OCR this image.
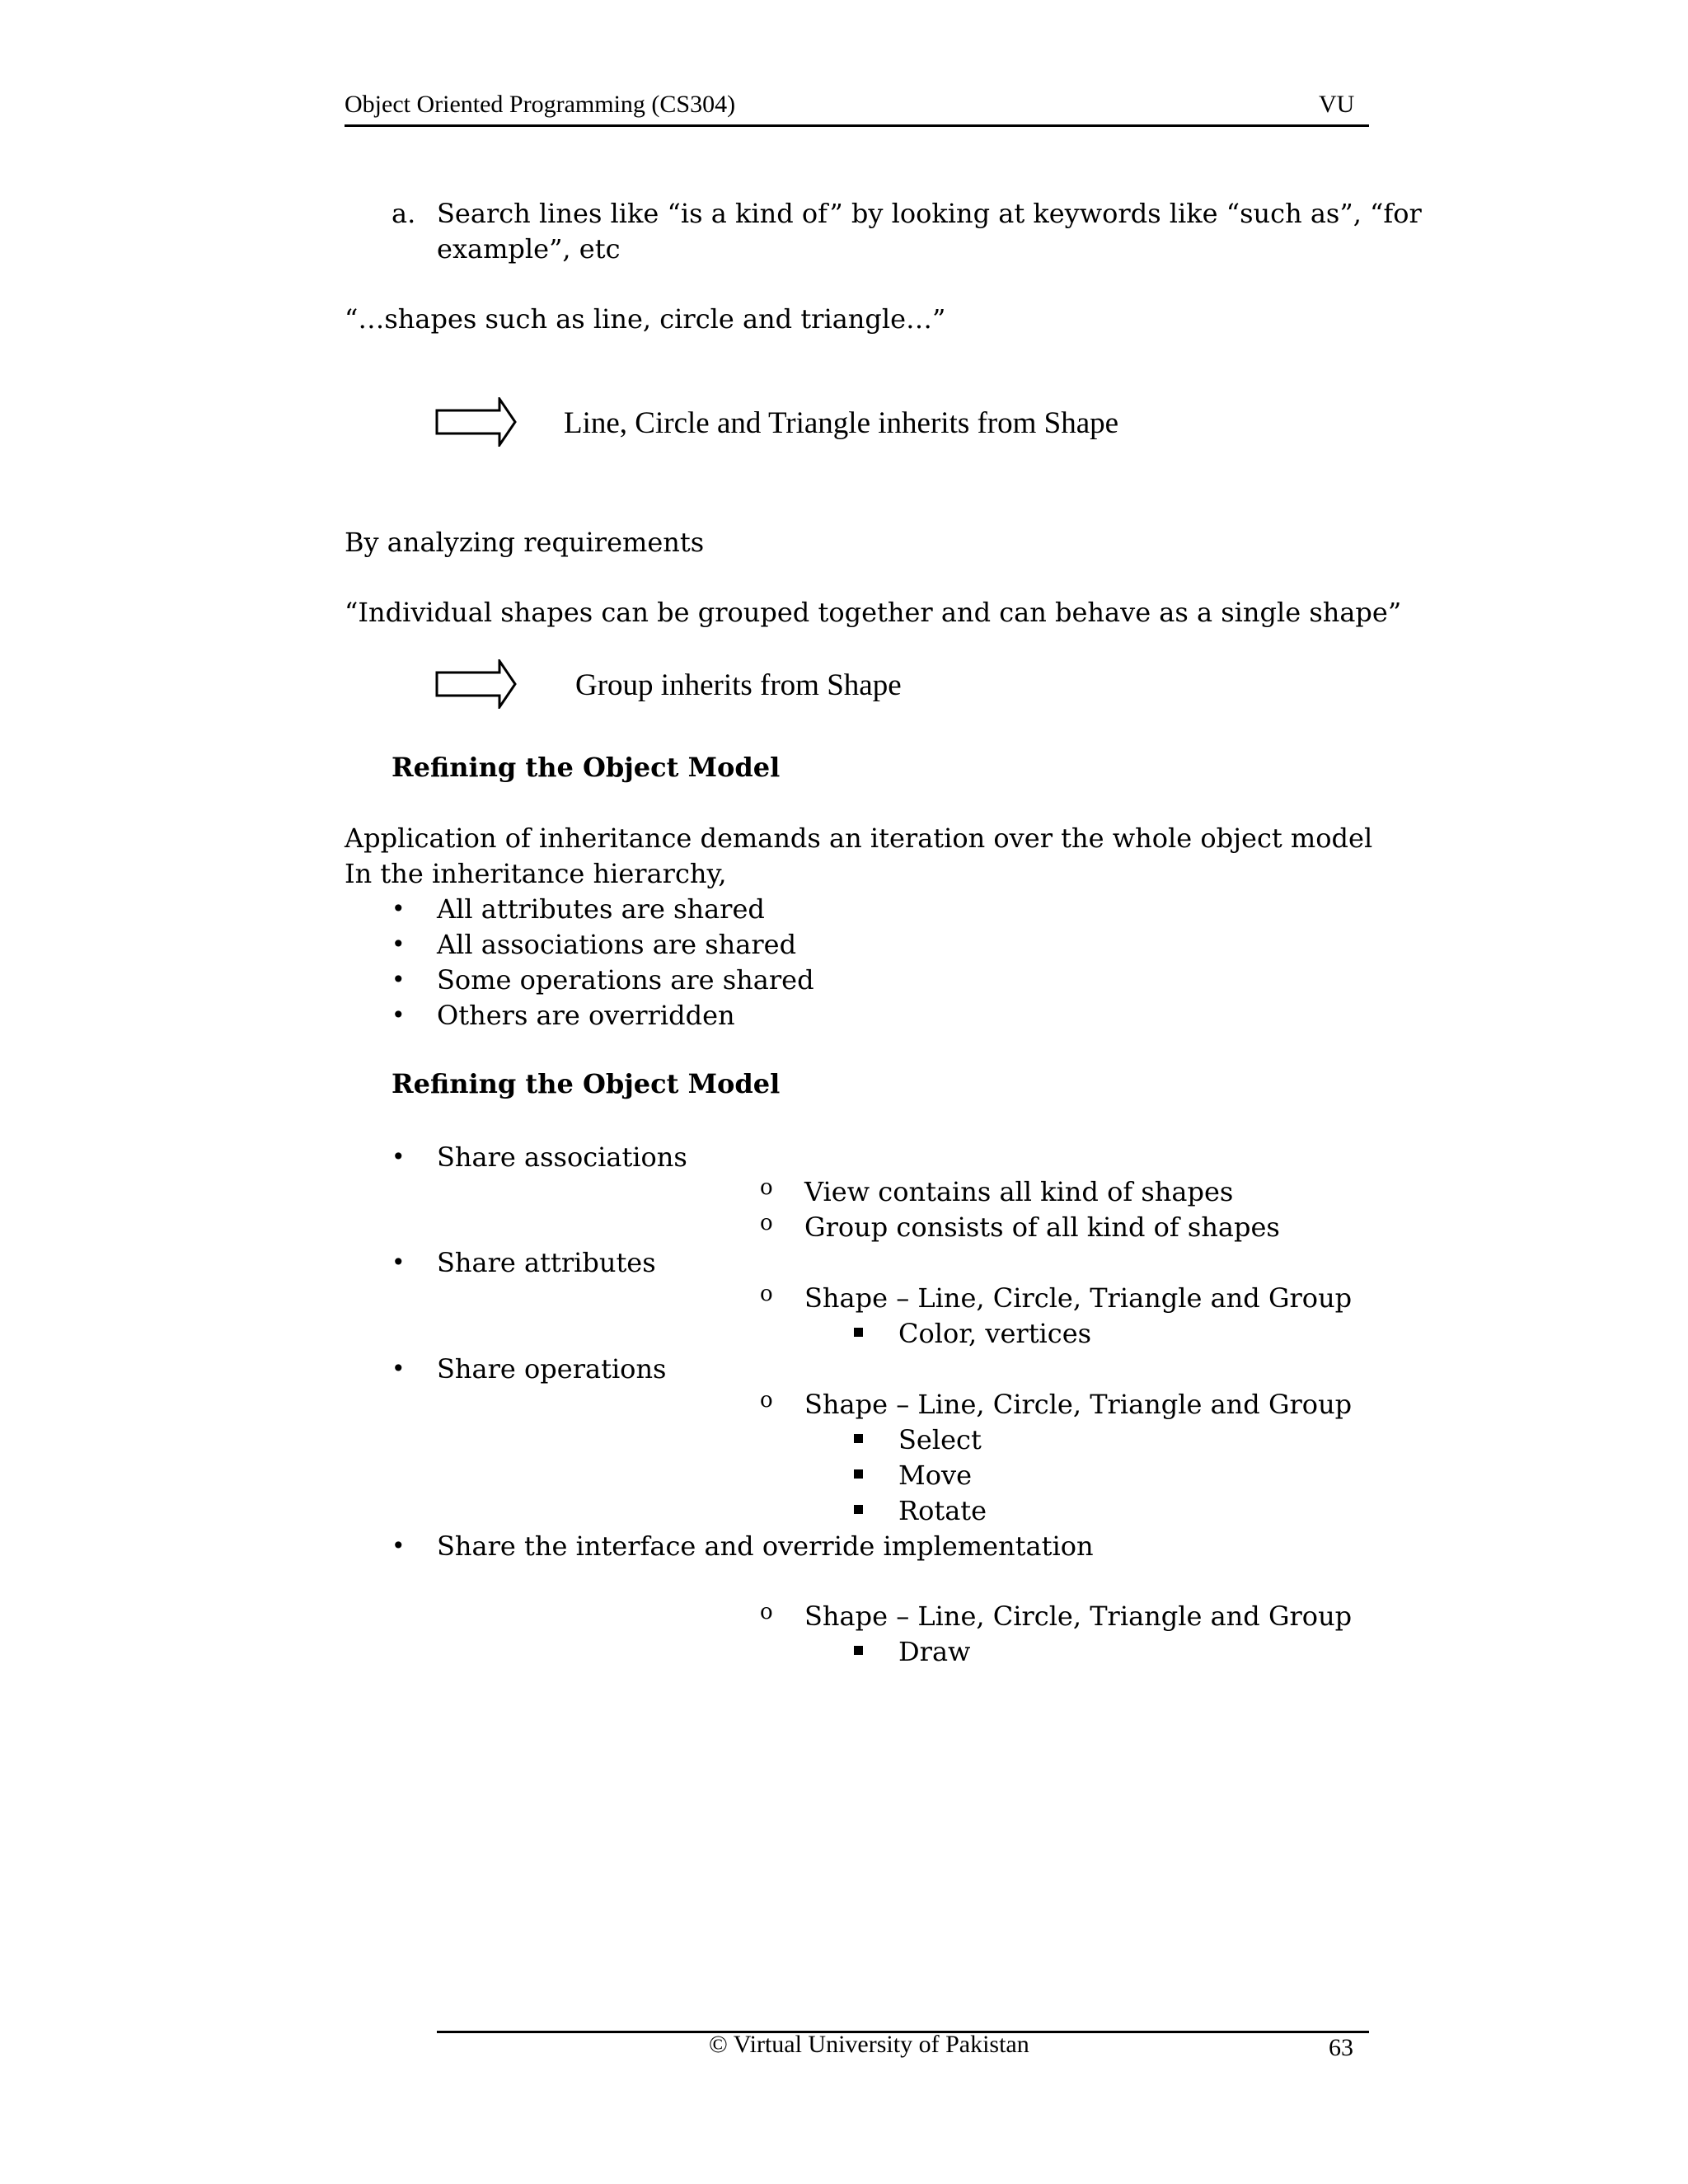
Object Oriented Programming (CS304)	VU
a. Search lines like “is a kind of” by looking at keywords like “such as”, “for
example”, etc
“…shapes such as line, circle and triangle…”
Line, Circle and Triangle inherits from Shape
By analyzing requirements
“Individual shapes can be grouped together and can behave as a single shape”
Group inherits from Shape
Refining the Object Model
Application of inheritance demands an iteration over the whole object model
In the inheritance hierarchy,
• All attributes are shared
• All associations are shared
• Some operations are shared
• Others are overridden
Refining the Object Model
• Share associations
o View contains all kind of shapes
o Group consists of all kind of shapes
• Share attributes
o Shape – Line, Circle, Triangle and Group
Color, vertices
• Share operations
o Shape – Line, Circle, Triangle and Group
Select
Move
Rotate
• Share the interface and override implementation
o Shape – Line, Circle, Triangle and Group
Draw
© Virtual University of Pakistan	63
